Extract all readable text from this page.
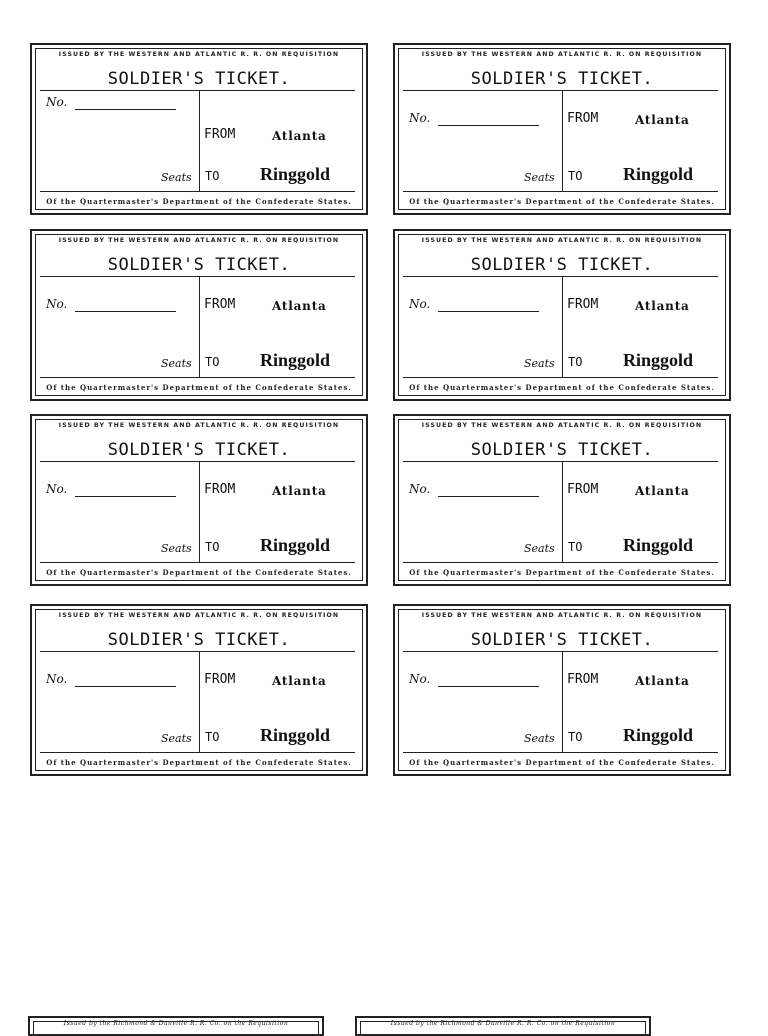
ISSUED BY THE WESTERN AND ATLANTIC R. R. ON REQUISITION
SOLDIER'S TICKET.
No.
Seats
FROM	Atlanta
TO Ringgold
Of the Quartermaster's Department of the Confederate States.
ISSUED BY THE WESTERN AND ATLANTIC R. R. ON REQUISITION
SOLDIER'S TICKET.
No.
Seats
FROM	Atlanta
TO Ringgold
Of the Quartermaster's Department of the Confederate States.
ISSUED BY THE WESTERN AND ATLANTIC R. R. ON REQUISITION
SOLDIER'S TICKET.
No.
Seats
FROM	Atlanta
TO Ringgold
Of the Quartermaster's Department of the Confederate States.
ISSUED BY THE WESTERN AND ATLANTIC R. R. ON REQUISITION
SOLDIER'S TICKET.
No.
Seats
FROM	Atlanta
TO Ringgold
Of the Quartermaster's Department of the Confederate States.
ISSUED BY THE WESTERN AND ATLANTIC R. R. ON REQUISITION
SOLDIER'S TICKET.
No.
Seats
FROM	Atlanta
TO Ringgold
Of the Quartermaster's Department of the Confederate States.
ISSUED BY THE WESTERN AND ATLANTIC R. R. ON REQUISITION
SOLDIER'S TICKET.
No.
Seats
FROM	Atlanta
TO Ringgold
Of the Quartermaster's Department of the Confederate States.
ISSUED BY THE WESTERN AND ATLANTIC R. R. ON REQUISITION
SOLDIER'S TICKET.
No.
Seats
FROM	Atlanta
TO Ringgold
Of the Quartermaster's Department of the Confederate States.
ISSUED BY THE WESTERN AND ATLANTIC R. R. ON REQUISITION
SOLDIER'S TICKET.
No.
Seats
FROM	Atlanta
TO Ringgold
Of the Quartermaster's Department of the Confederate States.
Issued by the Richmond & Danville R. R. Co. on the Requisition	Issued by the Richmond & Danville R. R. Co. on the Requisition
